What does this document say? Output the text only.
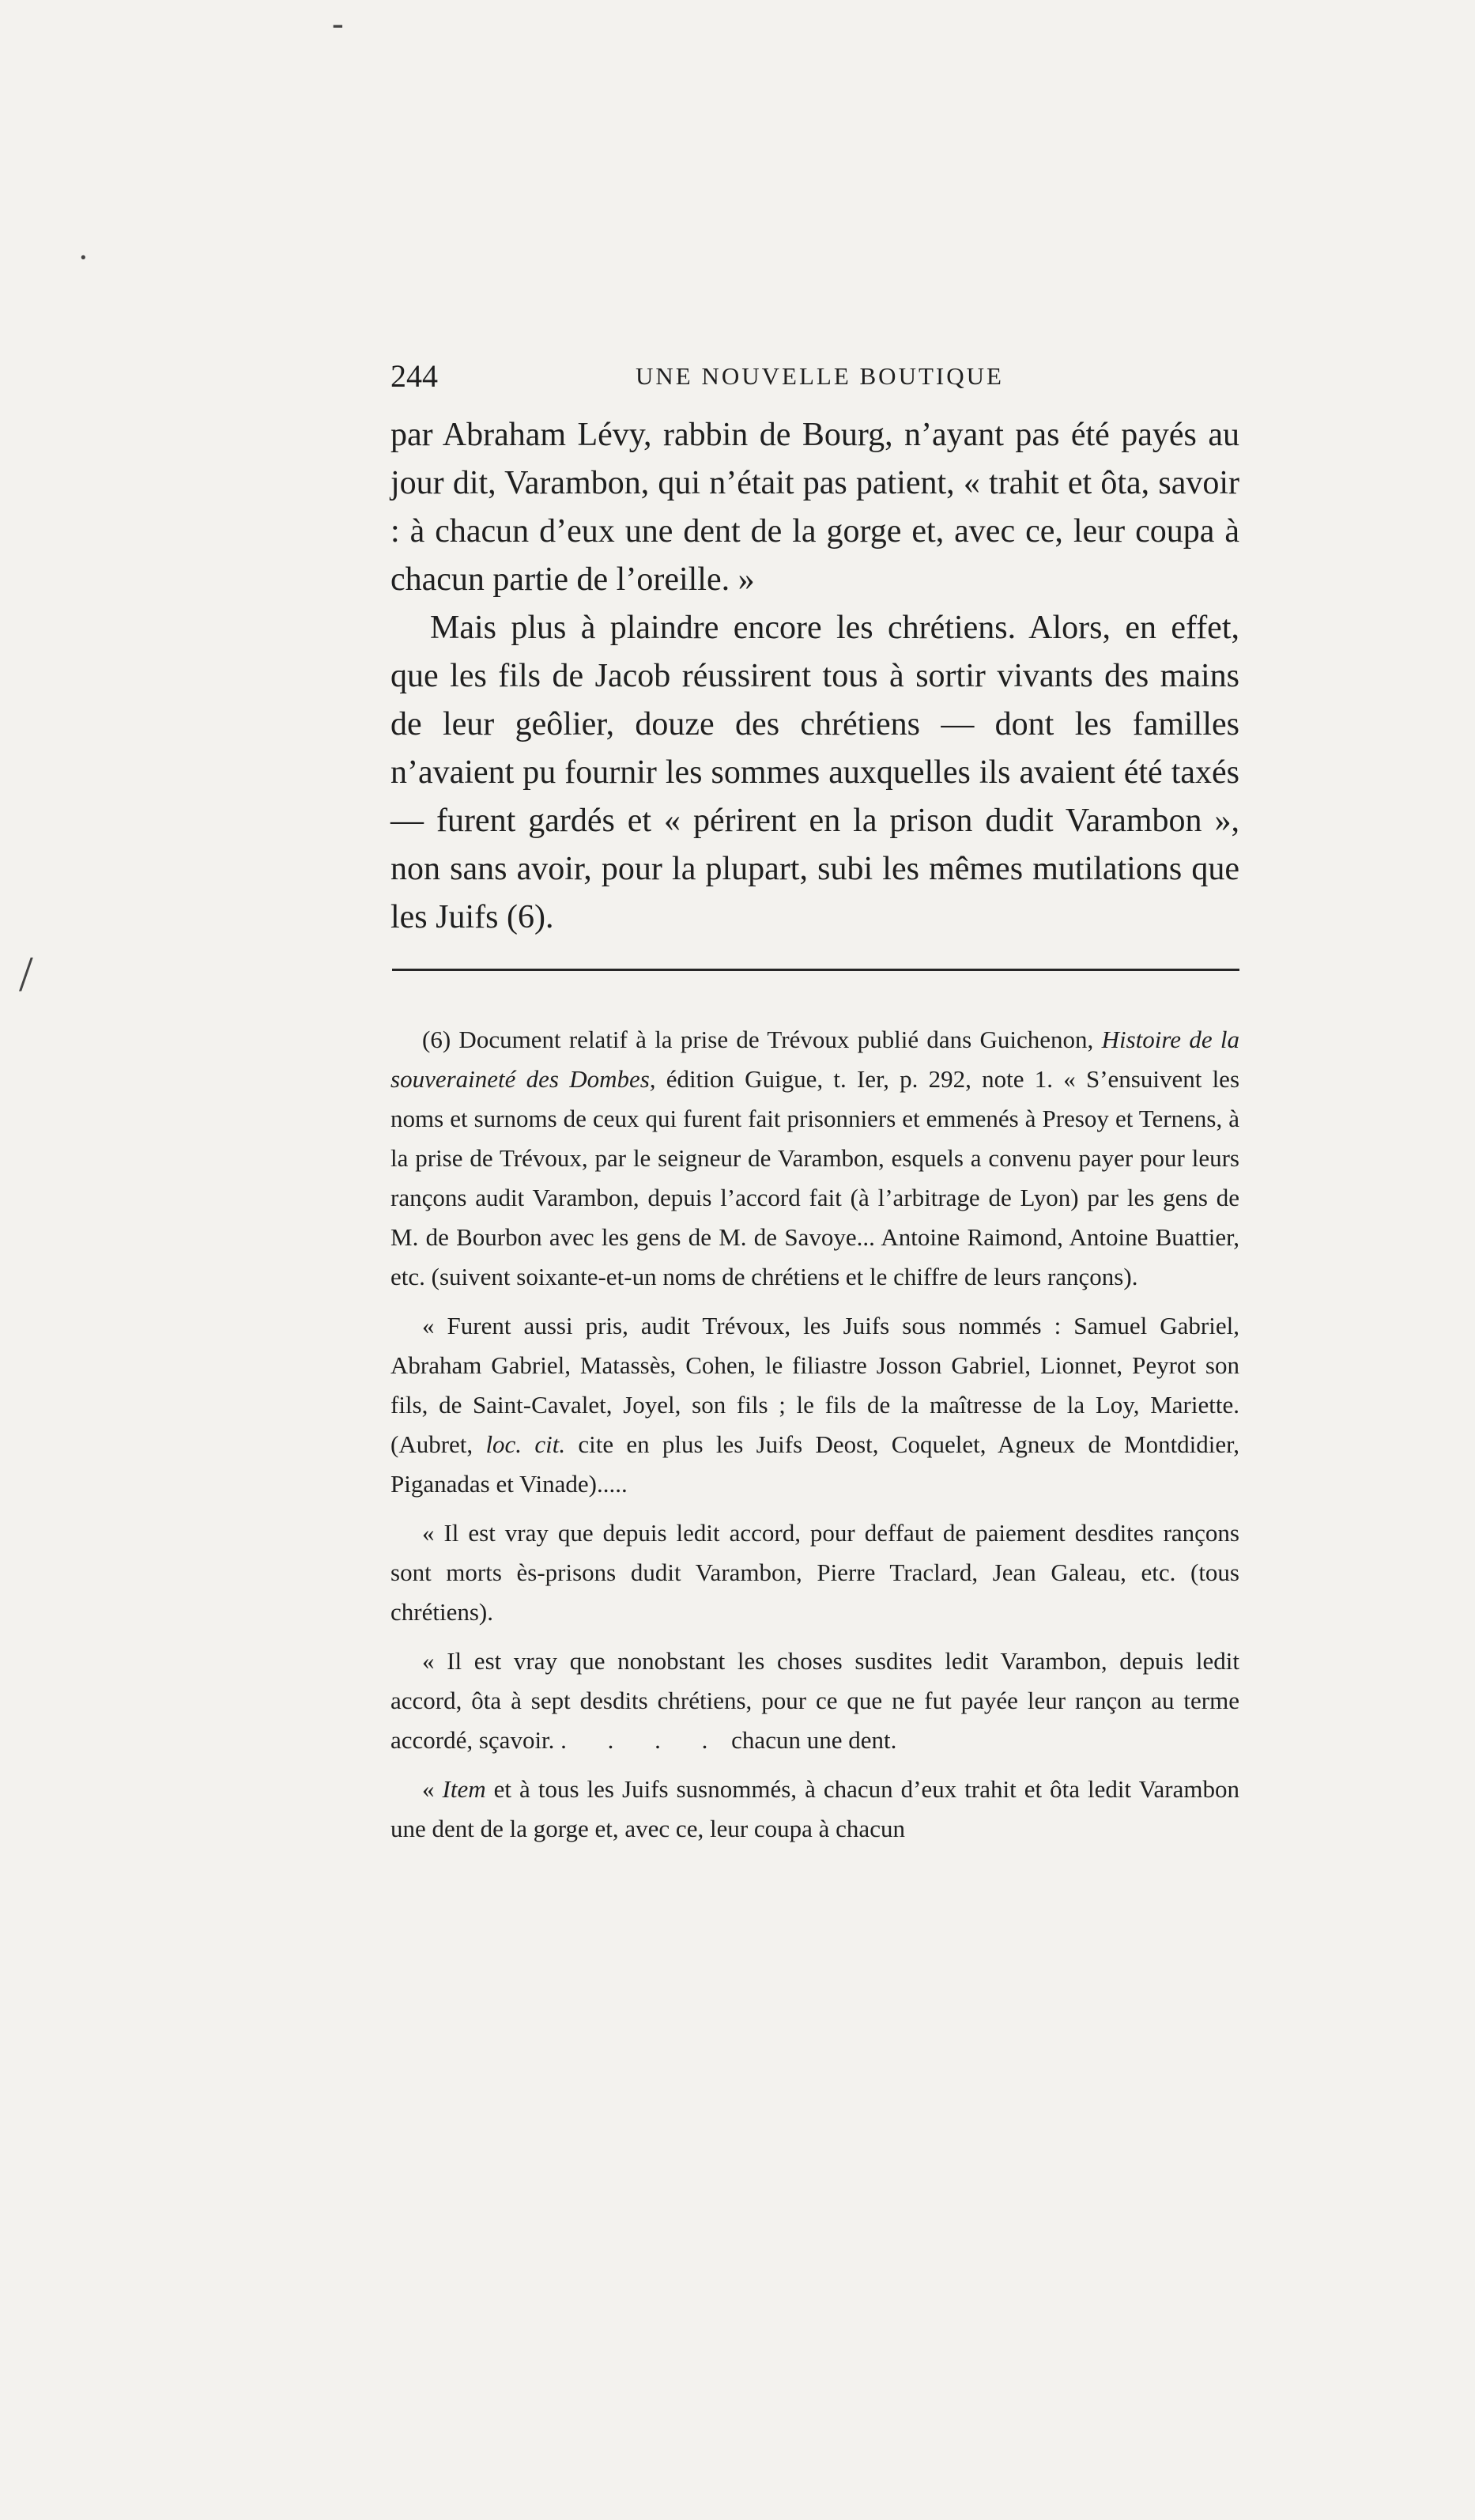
-
·
/
244	UNE NOUVELLE BOUTIQUE

par Abraham Lévy, rabbin de Bourg, n’ayant pas été payés au jour dit, Varambon, qui n’était pas patient, « trahit et ôta, savoir : à chacun d’eux une dent de la gorge et, avec ce, leur coupa à chacun partie de l’oreille. »

Mais plus à plaindre encore les chrétiens. Alors, en effet, que les fils de Jacob réussirent tous à sortir vivants des mains de leur geôlier, douze des chrétiens — dont les familles n’avaient pu fournir les sommes auxquelles ils avaient été taxés — furent gardés et « périrent en la prison dudit Varambon », non sans avoir, pour la plupart, subi les mêmes mutilations que les Juifs (6).

(6) Document relatif à la prise de Trévoux publié dans Guichenon, Histoire de la souveraineté des Dombes, édition Guigue, t. Ier, p. 292, note 1. « S’ensuivent les noms et surnoms de ceux qui furent fait prisonniers et emmenés à Presoy et Ternens, à la prise de Trévoux, par le seigneur de Varambon, esquels a convenu payer pour leurs rançons audit Varambon, depuis l’accord fait (à l’arbitrage de Lyon) par les gens de M. de Bourbon avec les gens de M. de Savoye... Antoine Raimond, Antoine Buattier, etc. (suivent soixante-et-un noms de chrétiens et le chiffre de leurs rançons).

« Furent aussi pris, audit Trévoux, les Juifs sous nommés : Samuel Gabriel, Abraham Gabriel, Matassès, Cohen, le filiastre Josson Gabriel, Lionnet, Peyrot son fils, de Saint-Cavalet, Joyel, son fils ; le fils de la maîtresse de la Loy, Mariette. (Aubret, loc. cit. cite en plus les Juifs Deost, Coquelet, Agneux de Montdidier, Piganadas et Vinade).....

« Il est vray que depuis ledit accord, pour deffaut de paiement desdites rançons sont morts ès-prisons dudit Varambon, Pierre Traclard, Jean Galeau, etc. (tous chrétiens).

« Il est vray que nonobstant les choses susdites ledit Varambon, depuis ledit accord, ôta à sept desdits chrétiens, pour ce que ne fut payée leur rançon au terme accordé, sçavoir. . . . . chacun une dent.

« Item et à tous les Juifs susnommés, à chacun d’eux trahit et ôta ledit Varambon une dent de la gorge et, avec ce, leur coupa à chacun
